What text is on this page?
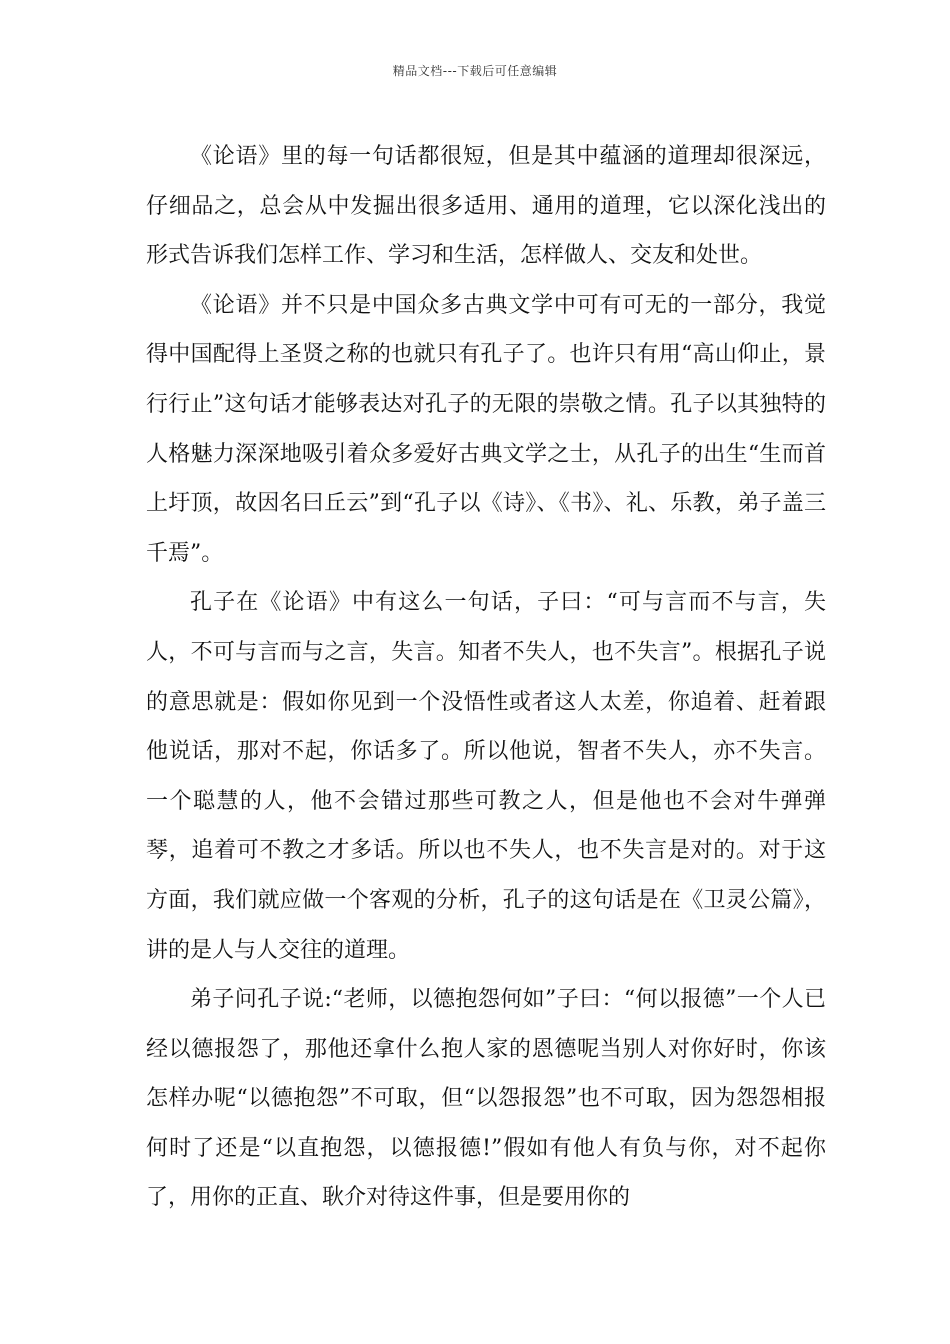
精品文档---下载后可任意编辑

《论语》里的每一句话都很短，但是其中蕴涵的道理却很深远，仔细品之，总会从中发掘出很多适用、通用的道理，它以深化浅出的形式告诉我们怎样工作、学习和生活，怎样做人、交友和处世。

《论语》并不只是中国众多古典文学中可有可无的一部分，我觉得中国配得上圣贤之称的也就只有孔子了。也许只有用“高山仰止，景行行止”这句话才能够表达对孔子的无限的崇敬之情。孔子以其独特的人格魅力深深地吸引着众多爱好古典文学之士，从孔子的出生“生而首上圩顶，故因名曰丘云”到“孔子以《诗》、《书》、礼、乐教，弟子盖三千焉”。

孔子在《论语》中有这么一句话，子曰：“可与言而不与言，失人，不可与言而与之言，失言。知者不失人，也不失言”。根据孔子说的意思就是：假如你见到一个没悟性或者这人太差，你追着、赶着跟他说话，那对不起，你话多了。所以他说，智者不失人，亦不失言。一个聪慧的人，他不会错过那些可教之人，但是他也不会对牛弹弹琴，追着可不教之才多话。所以也不失人，也不失言是对的。对于这方面，我们就应做一个客观的分析，孔子的这句话是在《卫灵公篇》，讲的是人与人交往的道理。

弟子问孔子说:“老师，以德抱怨何如”子曰：“何以报德”一个人已经以德报怨了，那他还拿什么抱人家的恩德呢当别人对你好时，你该怎样办呢“以德抱怨”不可取，但“以怨报怨”也不可取，因为怨怨相报何时了还是“以直抱怨，以德报德!”假如有他人有负与你，对不起你了，用你的正直、耿介对待这件事，但是要用你的
